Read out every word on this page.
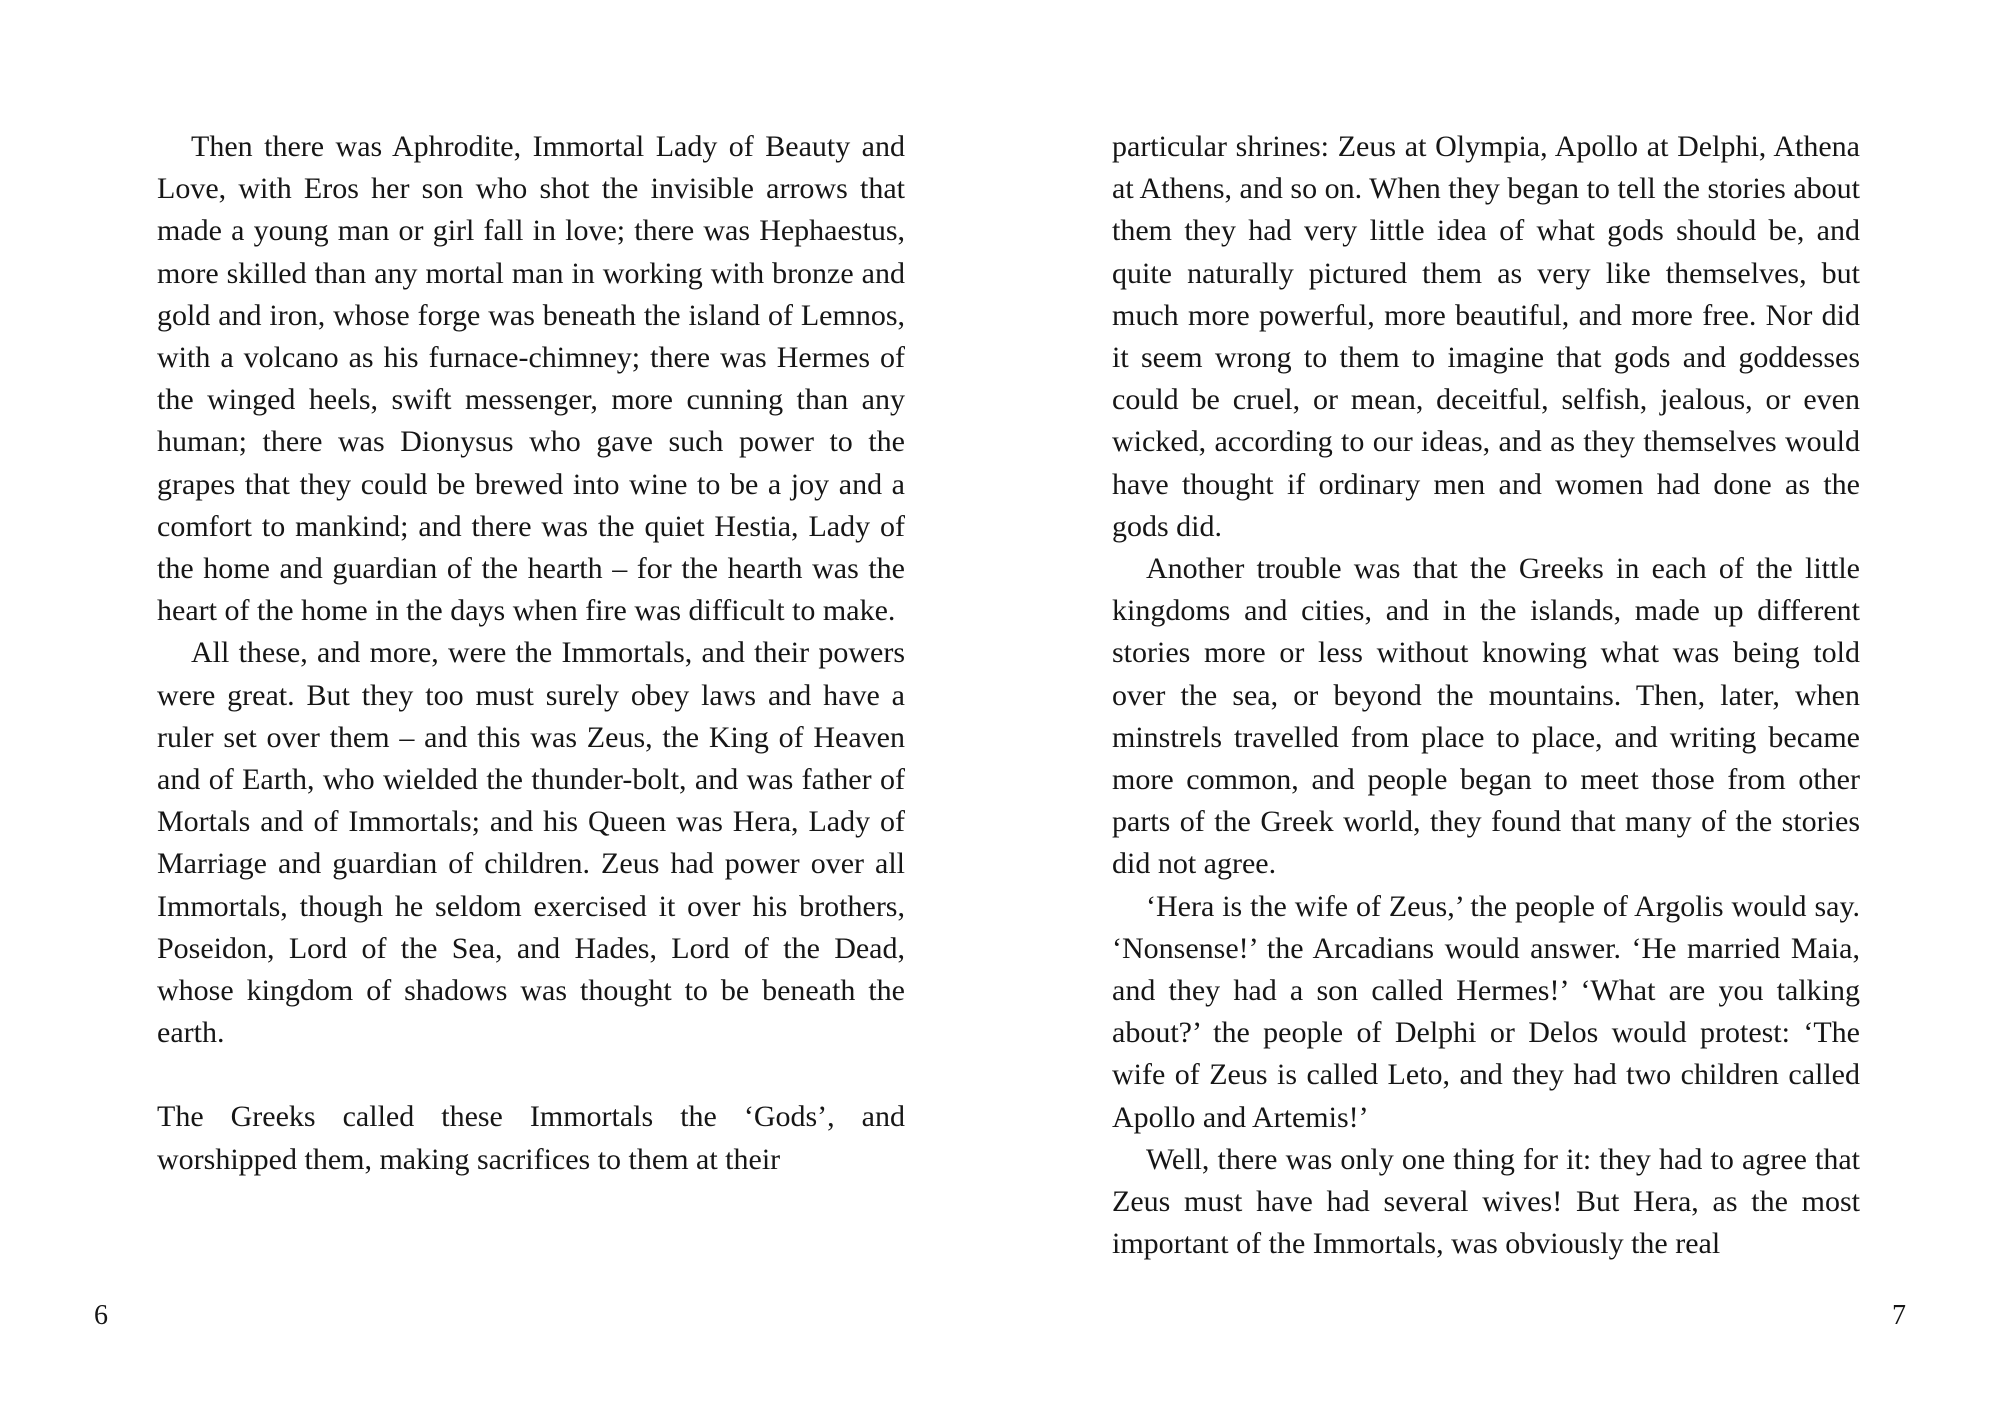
Then there was Aphrodite, Immortal Lady of Beauty and Love, with Eros her son who shot the invisible arrows that made a young man or girl fall in love; there was Hephaestus, more skilled than any mortal man in working with bronze and gold and iron, whose forge was beneath the island of Lemnos, with a volcano as his furnace-chimney; there was Hermes of the winged heels, swift messenger, more cunning than any human; there was Dionysus who gave such power to the grapes that they could be brewed into wine to be a joy and a comfort to mankind; and there was the quiet Hestia, Lady of the home and guardian of the hearth – for the hearth was the heart of the home in the days when fire was difficult to make.

All these, and more, were the Immortals, and their powers were great. But they too must surely obey laws and have a ruler set over them – and this was Zeus, the King of Heaven and of Earth, who wielded the thunder-bolt, and was father of Mortals and of Immortals; and his Queen was Hera, Lady of Marriage and guardian of children. Zeus had power over all Immortals, though he seldom exercised it over his brothers, Poseidon, Lord of the Sea, and Hades, Lord of the Dead, whose kingdom of shadows was thought to be beneath the earth.

The Greeks called these Immortals the ‘Gods’, and worshipped them, making sacrifices to them at their

particular shrines: Zeus at Olympia, Apollo at Delphi, Athena at Athens, and so on. When they began to tell the stories about them they had very little idea of what gods should be, and quite naturally pictured them as very like themselves, but much more powerful, more beautiful, and more free. Nor did it seem wrong to them to imagine that gods and goddesses could be cruel, or mean, deceitful, selfish, jealous, or even wicked, according to our ideas, and as they themselves would have thought if ordinary men and women had done as the gods did.

Another trouble was that the Greeks in each of the little kingdoms and cities, and in the islands, made up different stories more or less without knowing what was being told over the sea, or beyond the mountains. Then, later, when minstrels travelled from place to place, and writing became more common, and people began to meet those from other parts of the Greek world, they found that many of the stories did not agree.

‘Hera is the wife of Zeus,’ the people of Argolis would say. ‘Nonsense!’ the Arcadians would answer. ‘He married Maia, and they had a son called Hermes!’ ‘What are you talking about?’ the people of Delphi or Delos would protest: ‘The wife of Zeus is called Leto, and they had two children called Apollo and Artemis!’

Well, there was only one thing for it: they had to agree that Zeus must have had several wives! But Hera, as the most important of the Immortals, was obviously the real

6	7
